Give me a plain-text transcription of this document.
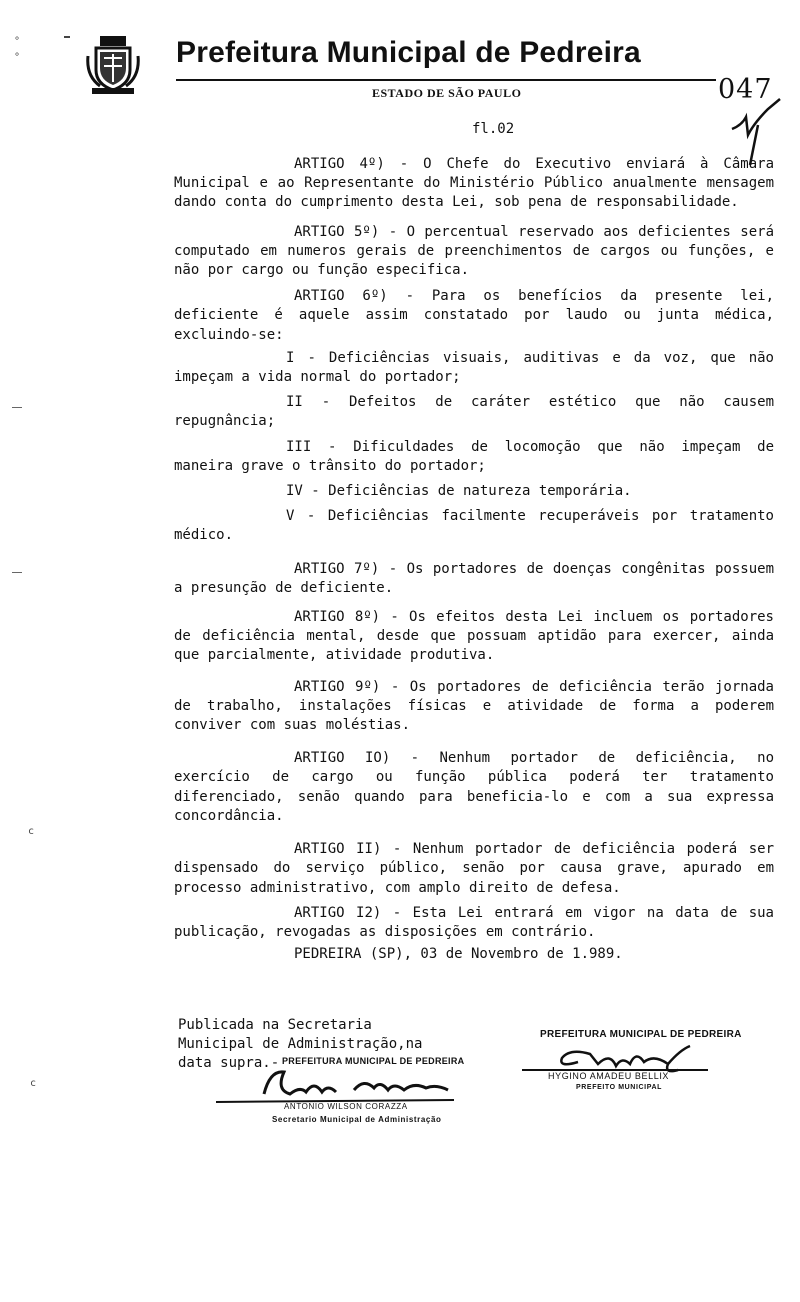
°
°
c
c
Prefeitura Municipal de Pedreira
ESTADO DE SÃO PAULO	047
fl.02

ARTIGO 4º) - O Chefe do Executivo enviará à Câmara Municipal e ao Representante do Ministério Público anualmente mensagem dando conta do cumprimento desta Lei, sob pena de responsabilidade.

ARTIGO 5º) - O percentual reservado aos deficientes será computado em numeros gerais de preenchimentos de cargos ou funções, e não por cargo ou função especifica.

ARTIGO 6º) - Para os benefícios da presente lei, deficiente é aquele assim constatado por laudo ou junta médica, excluindo-se:

I - Deficiências visuais, auditivas e da voz, que não impeçam a vida normal do portador;

II - Defeitos de caráter estético que não causem repugnância;

III - Dificuldades de locomoção que não impeçam de maneira grave o trânsito do portador;

IV - Deficiências de natureza temporária.

V - Deficiências facilmente recuperáveis por tratamento médico.

ARTIGO 7º) - Os portadores de doenças congênitas possuem a presunção de deficiente.

ARTIGO 8º) - Os efeitos desta Lei incluem os portadores de deficiência mental, desde que possuam aptidão para exercer, ainda que parcialmente, atividade produtiva.

ARTIGO 9º) - Os portadores de deficiência terão jornada de trabalho, instalações físicas e atividade de forma a poderem conviver com suas moléstias.

ARTIGO IO) - Nenhum portador de deficiência, no exercício de cargo ou função pública poderá ter tratamento diferenciado, senão quando para beneficia-lo e com a sua expressa concordância.

ARTIGO II) - Nenhum portador de deficiência poderá ser dispensado do serviço público, senão por causa grave, apurado em processo administrativo, com amplo direito de defesa.

ARTIGO I2) - Esta Lei entrará em vigor na data de sua publicação, revogadas as disposições em contrário.

PEDREIRA (SP), 03 de Novembro de 1.989.

Publicada na Secretaria Municipal de Administração,na data supra.- PREFEITURA MUNICIPAL DE PEDREIRA
ANTONIO WILSON CORAZZA
Secretario Municipal de Administração
PREFEITURA MUNICIPAL DE PEDREIRA
HYGINO AMADEU BELLIX
PREFEITO MUNICIPAL
